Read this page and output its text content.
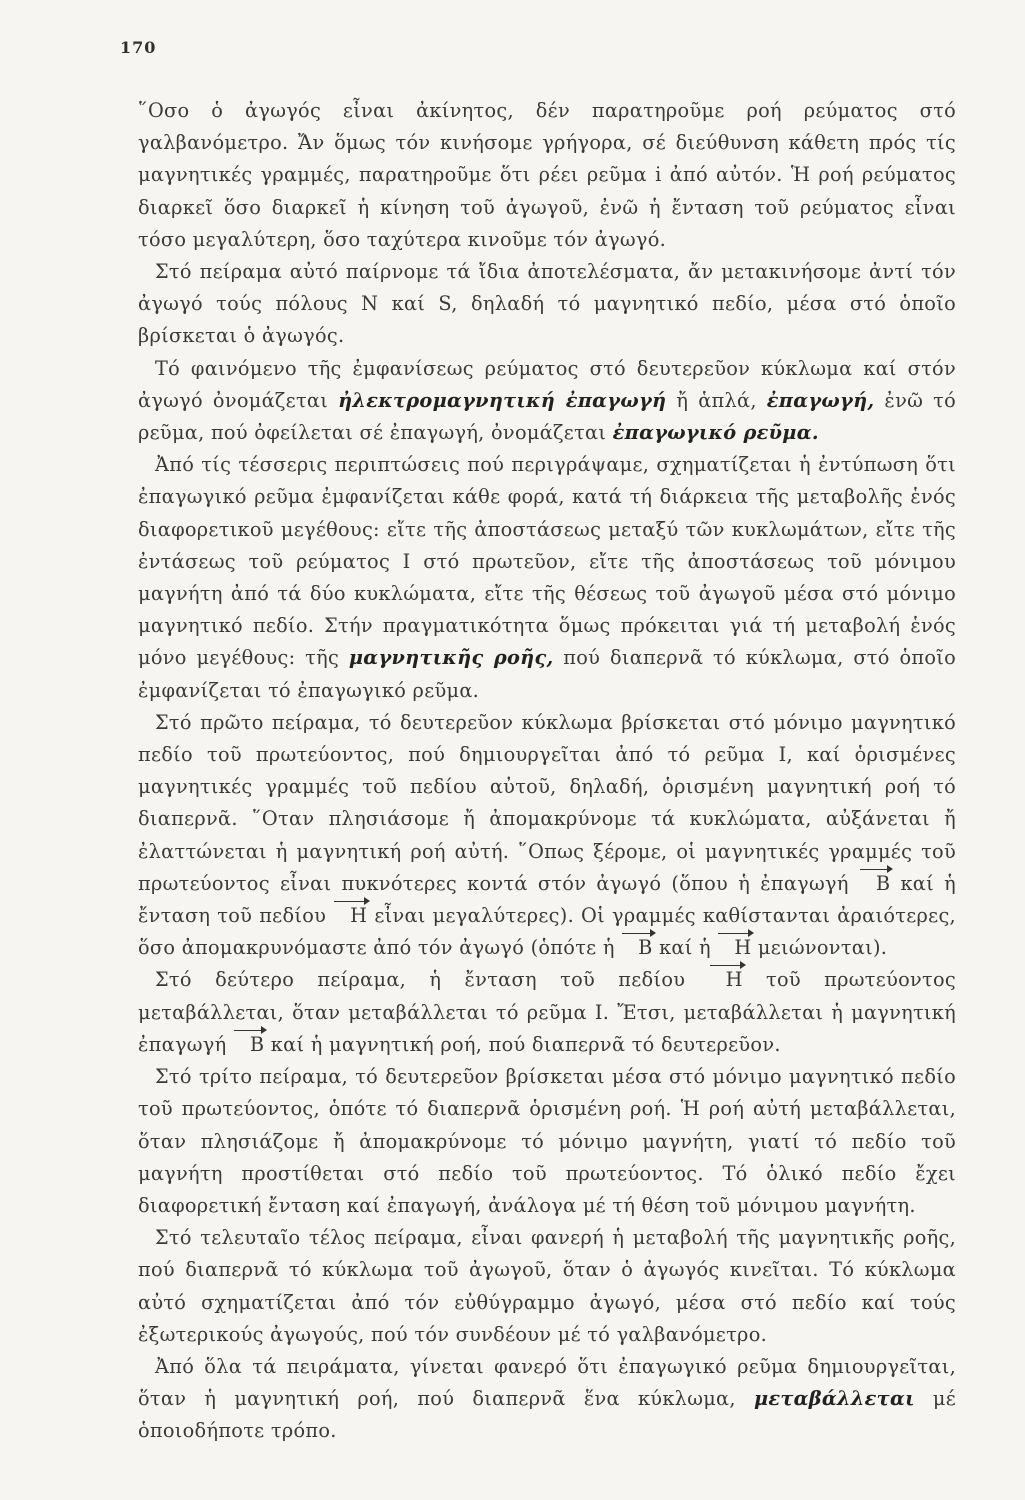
170

῞Οσο ὁ ἀγωγός εἶναι ἀκίνητος, δέν παρατηροῦμε ροή ρεύματος στό γαλβανόμετρο. Ἄν ὅμως τόν κινήσομε γρήγορα, σέ διεύθυνση κάθετη πρός τίς μαγνητικές γραμμές, παρατηροῦμε ὅτι ρέει ρεῦμα i ἀπό αὐτόν. Ἡ ροή ρεύματος διαρκεῖ ὅσο διαρκεῖ ἡ κίνηση τοῦ ἀγωγοῦ, ἐνῶ ἡ ἔνταση τοῦ ρεύματος εἶναι τόσο μεγαλύτερη, ὅσο ταχύτερα κινοῦμε τόν ἀγωγό.

Στό πείραμα αὐτό παίρνομε τά ἴδια ἀποτελέσματα, ἄν μετακινήσομε ἀντί τόν ἀγωγό τούς πόλους N καί S, δηλαδή τό μαγνητικό πεδίο, μέσα στό ὁποῖο βρίσκεται ὁ ἀγωγός.

Τό φαινόμενο τῆς ἐμφανίσεως ρεύματος στό δευτερεῦον κύκλωμα καί στόν ἀγωγό ὀνομάζεται ἠλεκτρομαγνητική ἐπαγωγή ἤ ἁπλά, ἐπαγωγή, ἐνῶ τό ρεῦμα, πού ὀφείλεται σέ ἐπαγωγή, ὀνομάζεται ἐπαγωγικό ρεῦμα.

Ἀπό τίς τέσσερις περιπτώσεις πού περιγράψαμε, σχηματίζεται ἡ ἐντύπωση ὅτι ἐπαγωγικό ρεῦμα ἐμφανίζεται κάθε φορά, κατά τή διάρκεια τῆς μεταβολῆς ἑνός διαφορετικοῦ μεγέθους: εἴτε τῆς ἀποστάσεως μεταξύ τῶν κυκλωμάτων, εἴτε τῆς ἐντάσεως τοῦ ρεύματος I στό πρωτεῦον, εἴτε τῆς ἀποστάσεως τοῦ μόνιμου μαγνήτη ἀπό τά δύο κυκλώματα, εἴτε τῆς θέσεως τοῦ ἀγωγοῦ μέσα στό μόνιμο μαγνητικό πεδίο. Στήν πραγματικότητα ὅμως πρόκειται γιά τή μεταβολή ἑνός μόνο μεγέθους: τῆς μαγνητικῆς ροῆς, πού διαπερνᾶ τό κύκλωμα, στό ὁποῖο ἐμφανίζεται τό ἐπαγωγικό ρεῦμα.

Στό πρῶτο πείραμα, τό δευτερεῦον κύκλωμα βρίσκεται στό μόνιμο μαγνητικό πεδίο τοῦ πρωτεύοντος, πού δημιουργεῖται ἀπό τό ρεῦμα I, καί ὁρισμένες μαγνητικές γραμμές τοῦ πεδίου αὐτοῦ, δηλαδή, ὁρισμένη μαγνητική ροή τό διαπερνᾶ. ῞Οταν πλησιάσομε ἤ ἀπομακρύνομε τά κυκλώματα, αὐξάνεται ἤ ἐλαττώνεται ἡ μαγνητική ροή αὐτή. ῞Οπως ξέρομε, οἱ μαγνητικές γραμμές τοῦ πρωτεύοντος εἶναι πυκνότερες κοντά στόν ἀγωγό (ὅπου ἡ ἐπαγωγή B καί ἡ ἔνταση τοῦ πεδίου H εἶναι μεγαλύτερες). Οἱ γραμμές καθίστανται ἀραιότερες, ὅσο ἀπομακρυνόμαστε ἀπό τόν ἀγωγό (ὁπότε ἡ B καί ἡ H μειώνονται).

Στό δεύτερο πείραμα, ἡ ἔνταση τοῦ πεδίου H τοῦ πρωτεύοντος μεταβάλλεται, ὅταν μεταβάλλεται τό ρεῦμα I. Ἔτσι, μεταβάλλεται ἡ μαγνητική ἐπαγωγή B καί ἡ μαγνητική ροή, πού διαπερνᾶ τό δευτερεῦον.

Στό τρίτο πείραμα, τό δευτερεῦον βρίσκεται μέσα στό μόνιμο μαγνητικό πεδίο τοῦ πρωτεύοντος, ὁπότε τό διαπερνᾶ ὁρισμένη ροή. Ἡ ροή αὐτή μεταβάλλεται, ὅταν πλησιάζομε ἤ ἀπομακρύνομε τό μόνιμο μαγνήτη, γιατί τό πεδίο τοῦ μαγνήτη προστίθεται στό πεδίο τοῦ πρωτεύοντος. Τό ὁλικό πεδίο ἔχει διαφορετική ἔνταση καί ἐπαγωγή, ἀνάλογα μέ τή θέση τοῦ μόνιμου μαγνήτη.

Στό τελευταῖο τέλος πείραμα, εἶναι φανερή ἡ μεταβολή τῆς μαγνητικῆς ροῆς, πού διαπερνᾶ τό κύκλωμα τοῦ ἀγωγοῦ, ὅταν ὁ ἀγωγός κινεῖται. Τό κύκλωμα αὐτό σχηματίζεται ἀπό τόν εὐθύγραμμο ἀγωγό, μέσα στό πεδίο καί τούς ἐξωτερικούς ἀγωγούς, πού τόν συνδέουν μέ τό γαλβανόμετρο.

Ἀπό ὅλα τά πειράματα, γίνεται φανερό ὅτι ἐπαγωγικό ρεῦμα δημιουργεῖται, ὅταν ἡ μαγνητική ροή, πού διαπερνᾶ ἕνα κύκλωμα, μεταβάλλεται μέ ὁποιοδήποτε τρόπο.
